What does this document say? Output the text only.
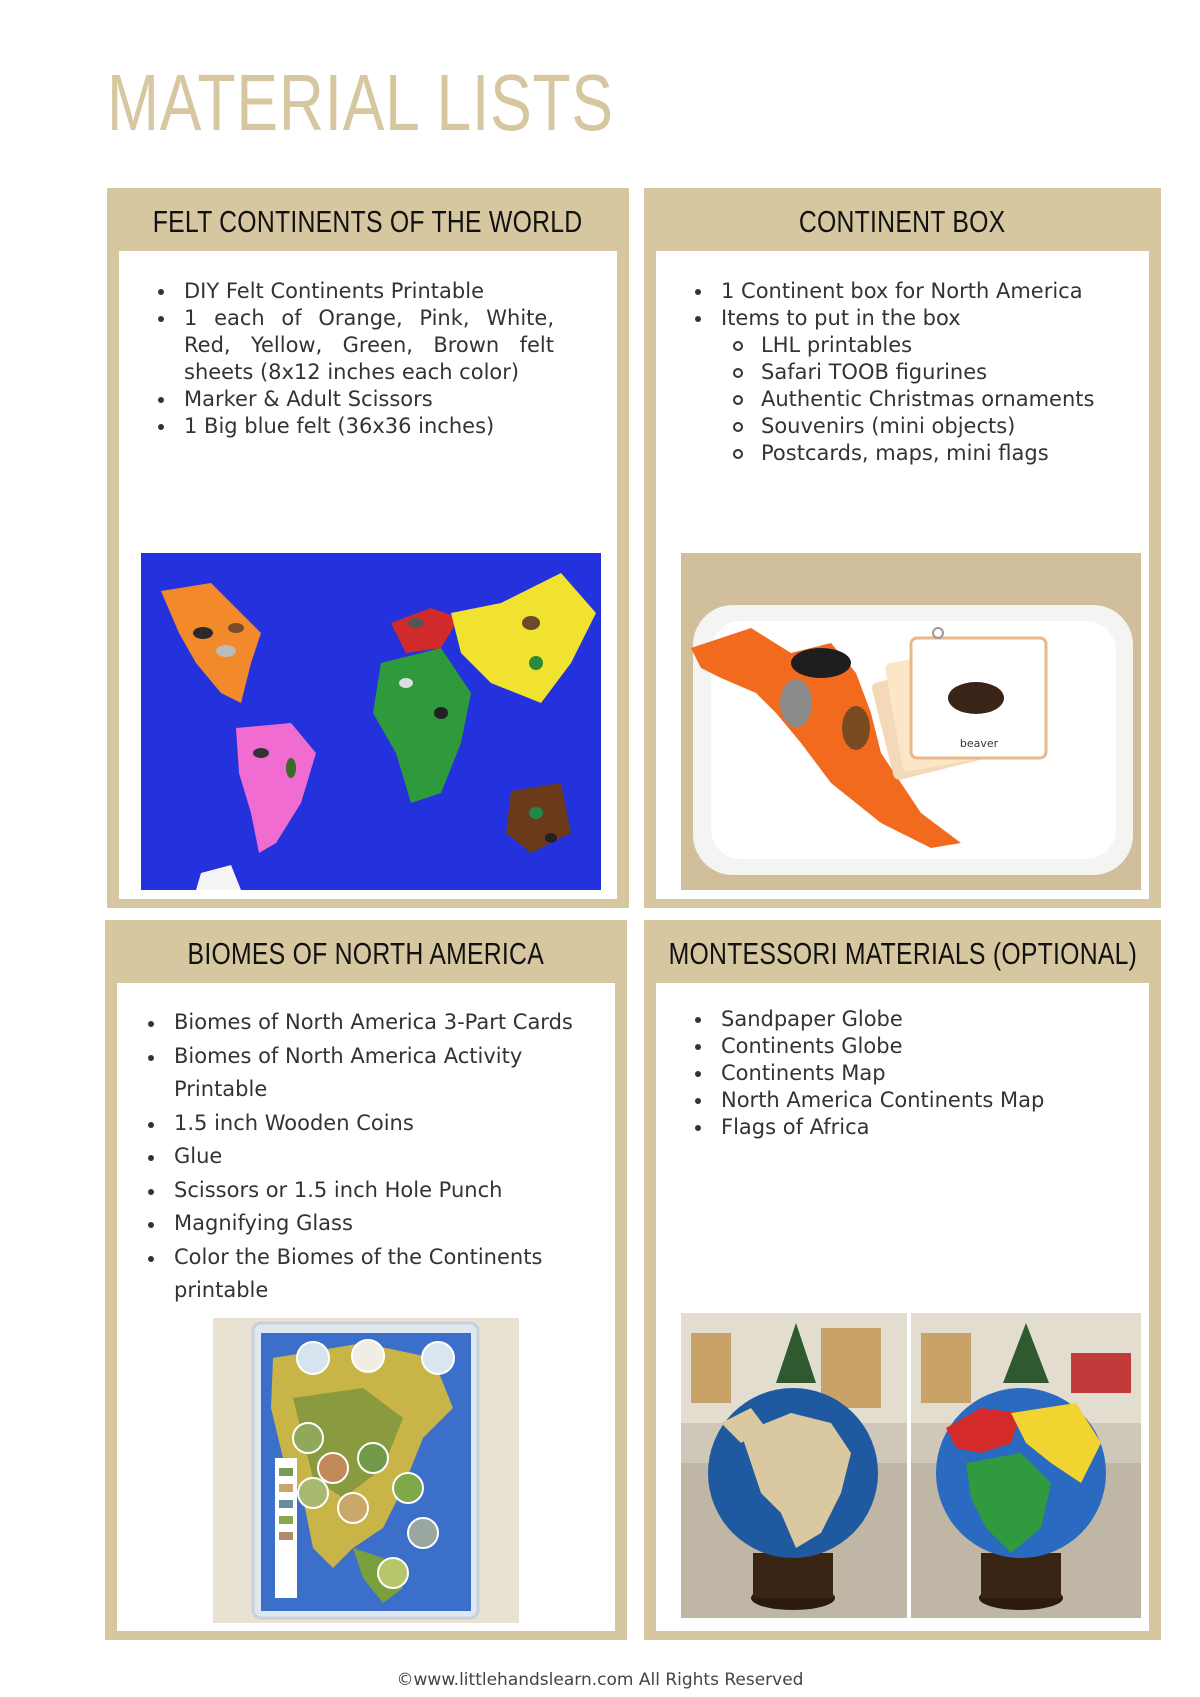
MATERIAL LISTS
FELT CONTINENTS OF THE WORLD
DIY Felt Continents Printable
1 each of Orange, Pink, White, Red, Yellow, Green, Brown felt sheets (8x12 inches each color)
Marker & Adult Scissors
1 Big blue felt (36x36 inches)
CONTINENT BOX
1 Continent box for North America
Items to put in the box
LHL printables
Safari TOOB figurines
Authentic Christmas ornaments
Souvenirs (mini objects)
Postcards, maps, mini flags
beaver
BIOMES OF NORTH AMERICA
Biomes of North America 3-Part Cards
Biomes of North America Activity Printable
1.5 inch Wooden Coins
Glue
Scissors or 1.5 inch Hole Punch
Magnifying Glass
Color the Biomes of the Continents printable
MONTESSORI MATERIALS (OPTIONAL)
Sandpaper Globe
Continents Globe
Continents Map
North America Continents Map
Flags of Africa
©www.littlehandslearn.com All Rights Reserved
